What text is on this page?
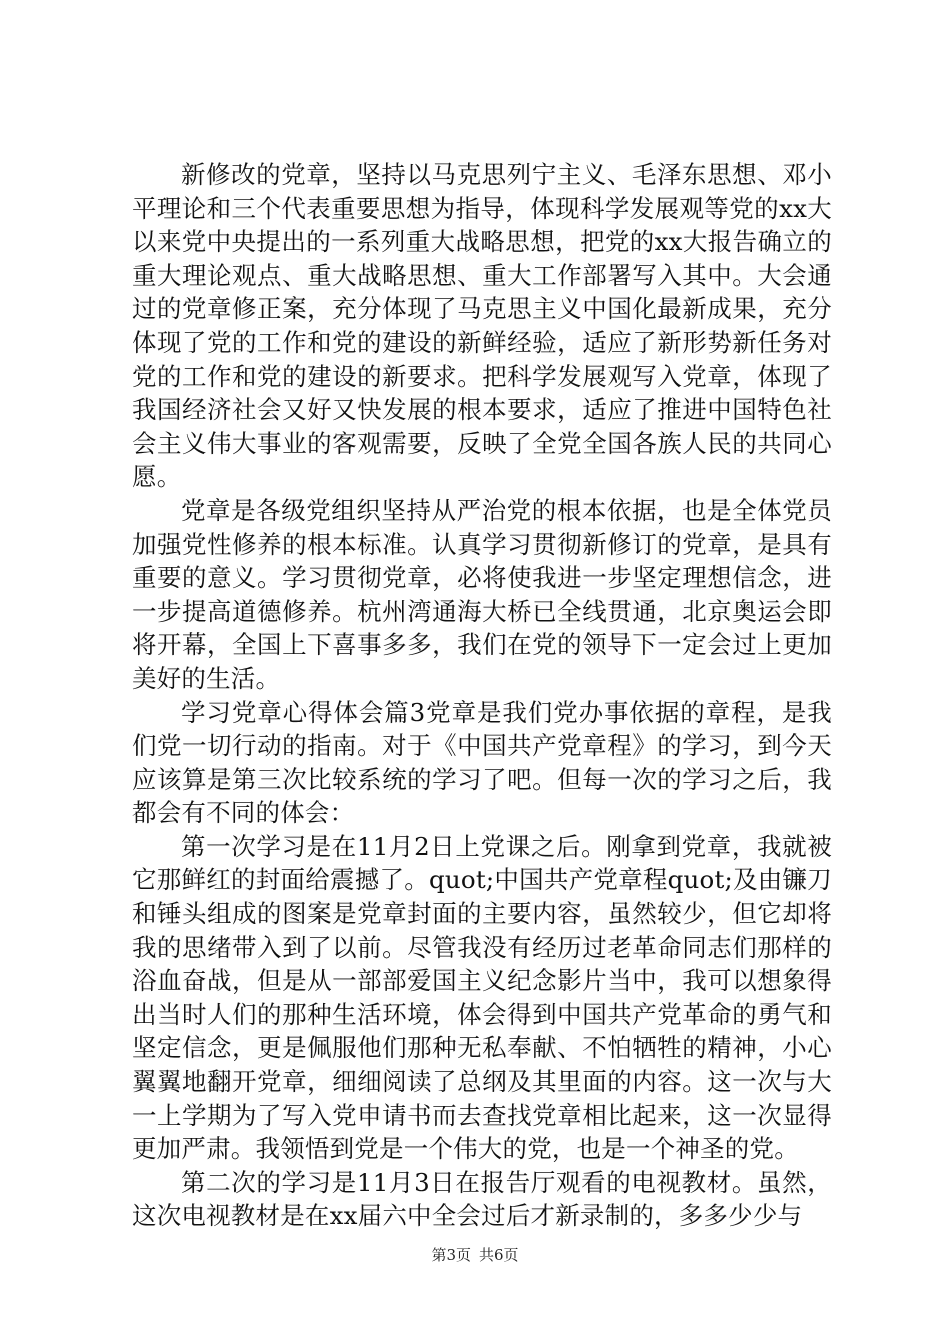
新修改的党章，坚持以马克思列宁主义、毛泽东思想、邓小平理论和三个代表重要思想为指导，体现科学发展观等党的xx大以来党中央提出的一系列重大战略思想，把党的xx大报告确立的重大理论观点、重大战略思想、重大工作部署写入其中。大会通过的党章修正案，充分体现了马克思主义中国化最新成果，充分体现了党的工作和党的建设的新鲜经验，适应了新形势新任务对党的工作和党的建设的新要求。把科学发展观写入党章，体现了我国经济社会又好又快发展的根本要求，适应了推进中国特色社会主义伟大事业的客观需要，反映了全党全国各族人民的共同心愿。

党章是各级党组织坚持从严治党的根本依据，也是全体党员加强党性修养的根本标准。认真学习贯彻新修订的党章，是具有重要的意义。学习贯彻党章，必将使我进一步坚定理想信念，进一步提高道德修养。杭州湾通海大桥已全线贯通，北京奥运会即将开幕，全国上下喜事多多，我们在党的领导下一定会过上更加美好的生活。

学习党章心得体会篇3党章是我们党办事依据的章程，是我们党一切行动的指南。对于《中国共产党章程》的学习，到今天应该算是第三次比较系统的学习了吧。但每一次的学习之后，我都会有不同的体会：

第一次学习是在11月2日上党课之后。刚拿到党章，我就被它那鲜红的封面给震撼了。quot;中国共产党章程quot;及由镰刀和锤头组成的图案是党章封面的主要内容，虽然较少，但它却将我的思绪带入到了以前。尽管我没有经历过老革命同志们那样的浴血奋战，但是从一部部爱国主义纪念影片当中，我可以想象得出当时人们的那种生活环境，体会得到中国共产党革命的勇气和坚定信念，更是佩服他们那种无私奉献、不怕牺牲的精神，小心翼翼地翻开党章，细细阅读了总纲及其里面的内容。这一次与大一上学期为了写入党申请书而去查找党章相比起来，这一次显得更加严肃。我领悟到党是一个伟大的党，也是一个神圣的党。

第二次的学习是11月3日在报告厅观看的电视教材。虽然，这次电视教材是在xx届六中全会过后才新录制的，多多少少与

第3页 共6页
